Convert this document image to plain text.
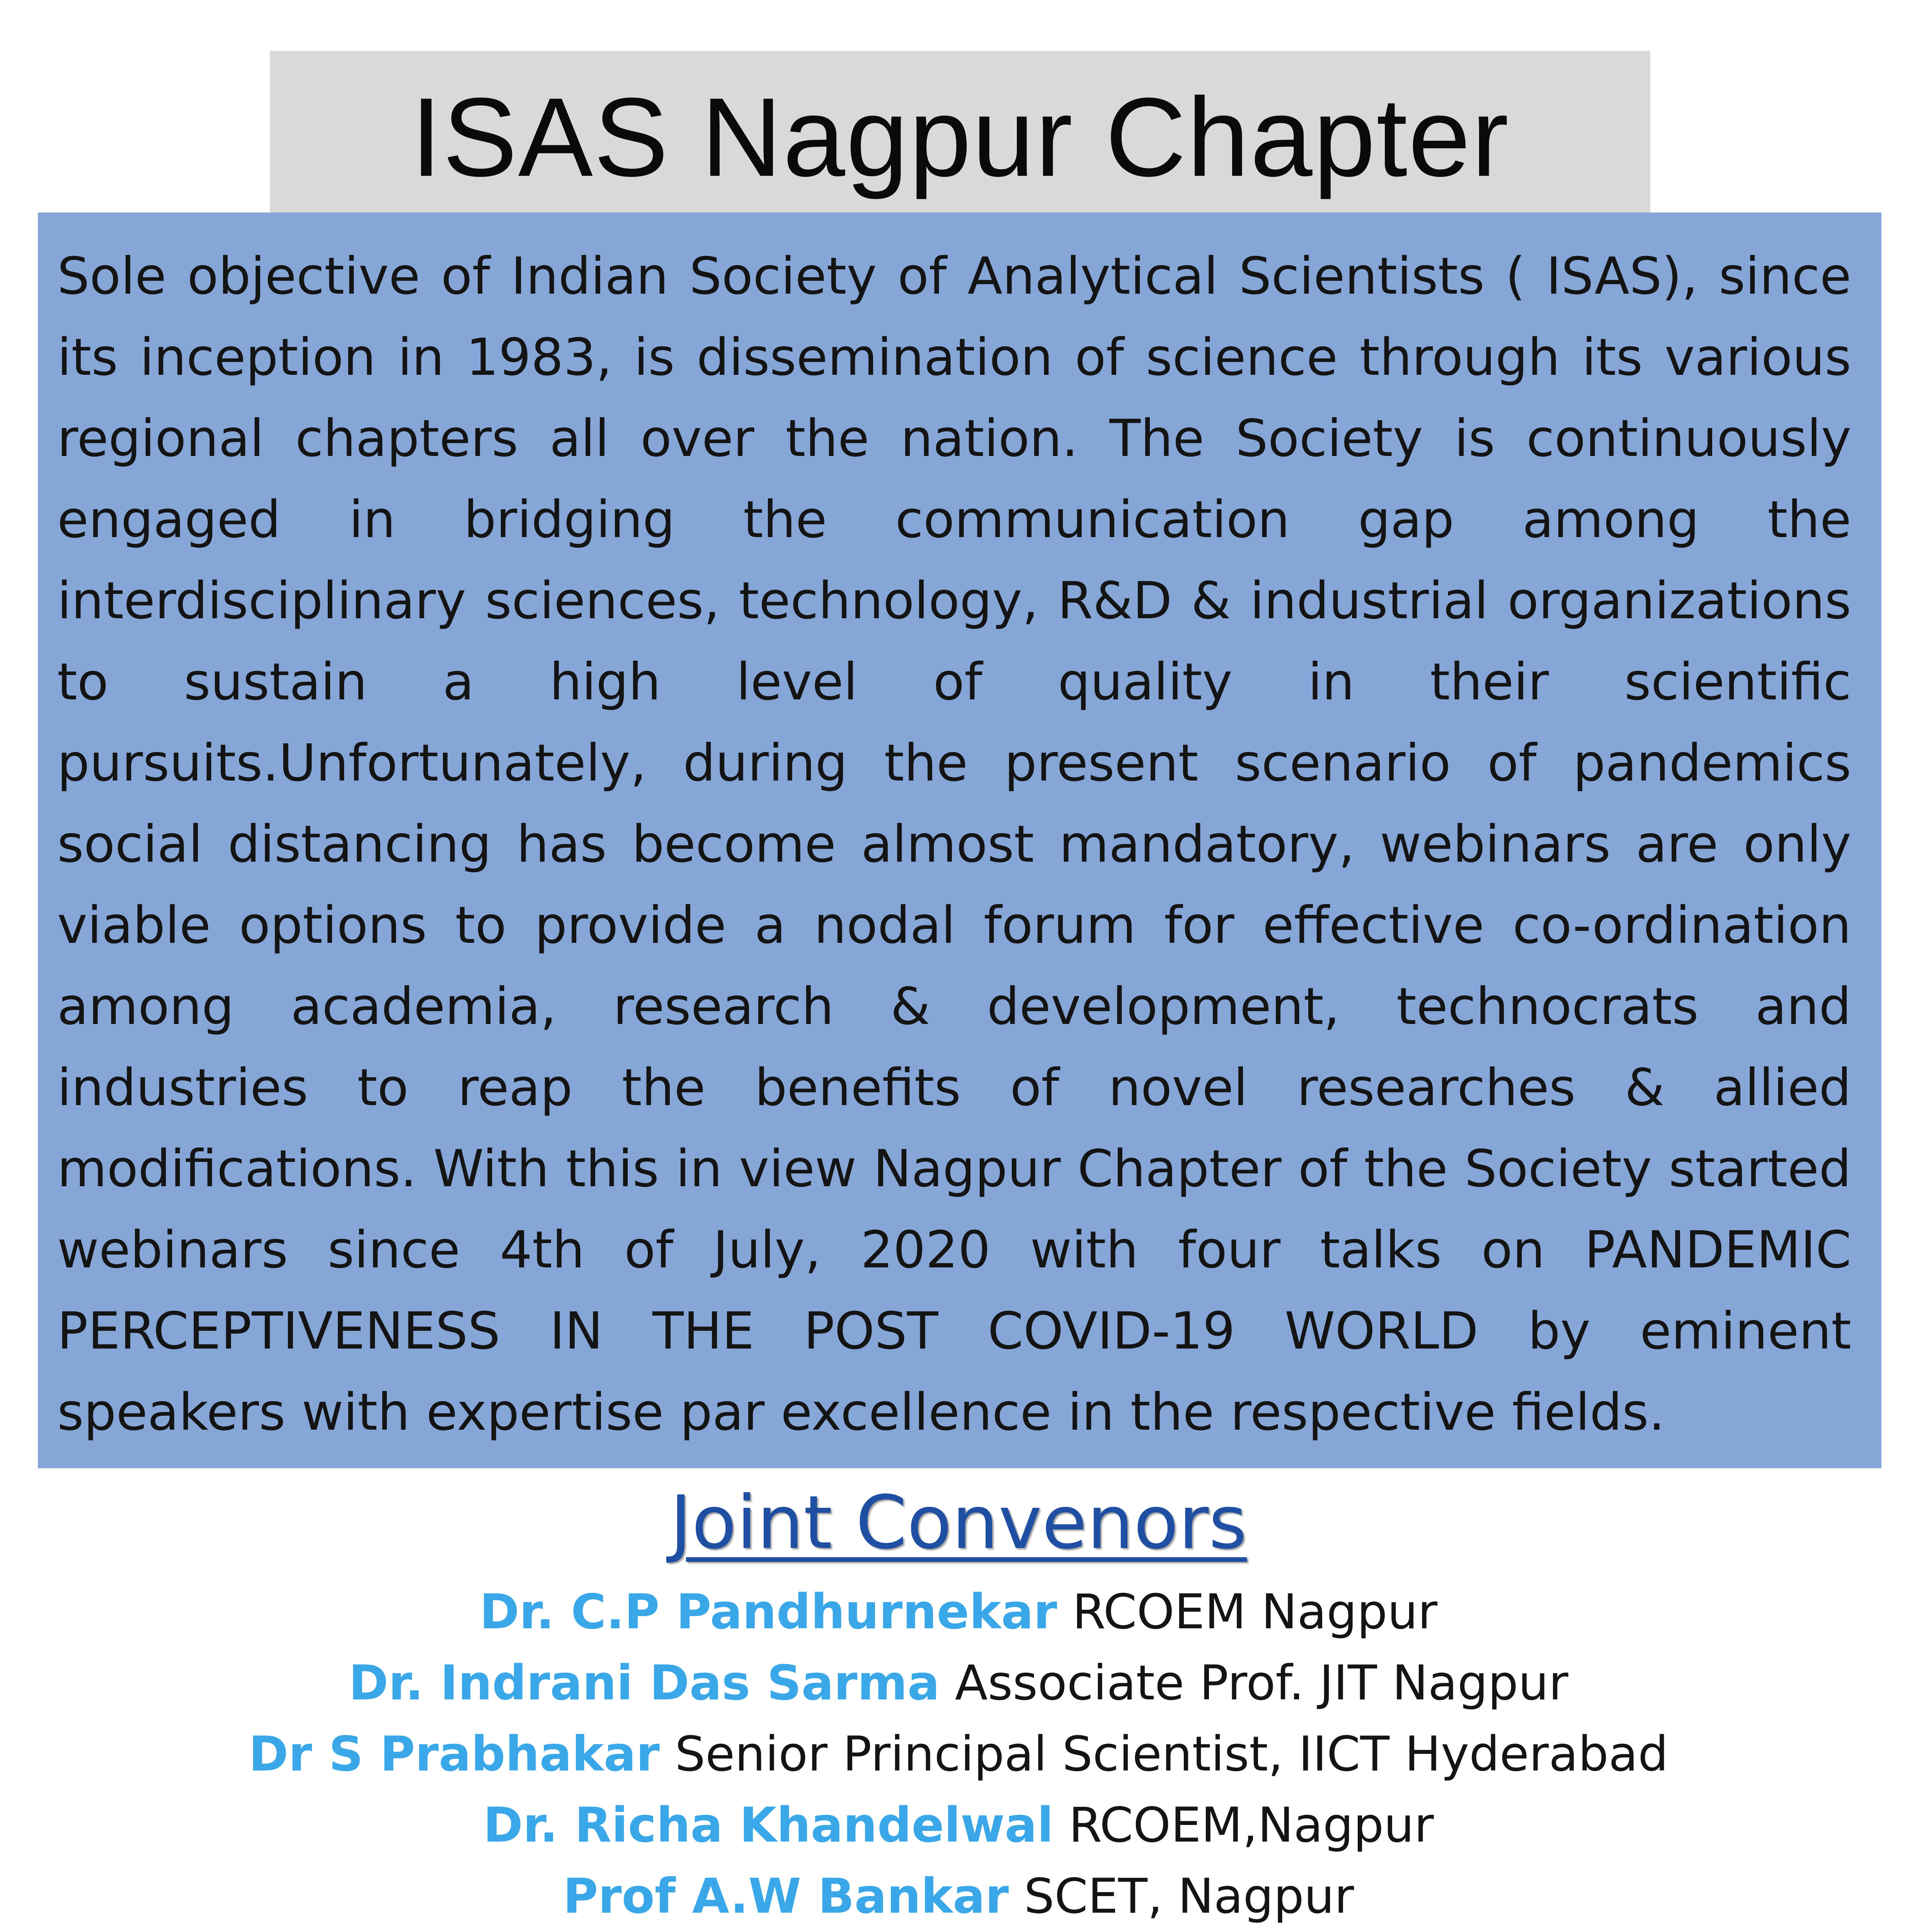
ISAS Nagpur Chapter

Sole objective of Indian Society of Analytical Scientists ( ISAS), since its inception in 1983, is dissemination of science through its various regional chapters all over the nation. The Society is continuously engaged in bridging the communication gap among the interdisciplinary sciences, technology, R&D & industrial organizations to sustain a high level of quality in their scientific pursuits.Unfortunately, during the present scenario of pandemics social distancing has become almost mandatory, webinars are only viable options to provide a nodal forum for effective co-ordination among academia, research & development, technocrats and industries to reap the benefits of novel researches & allied modifications. With this in view Nagpur Chapter of the Society started webinars since 4th of July, 2020 with four talks on PANDEMIC PERCEPTIVENESS IN THE POST COVID-19 WORLD by eminent speakers with expertise par excellence in the respective fields.

Joint Convenors
Dr. C.P Pandhurnekar RCOEM Nagpur
Dr. Indrani Das Sarma Associate Prof. JIT Nagpur
Dr S Prabhakar Senior Principal Scientist, IICT Hyderabad
Dr. Richa Khandelwal RCOEM,Nagpur
Prof A.W Bankar SCET, Nagpur
